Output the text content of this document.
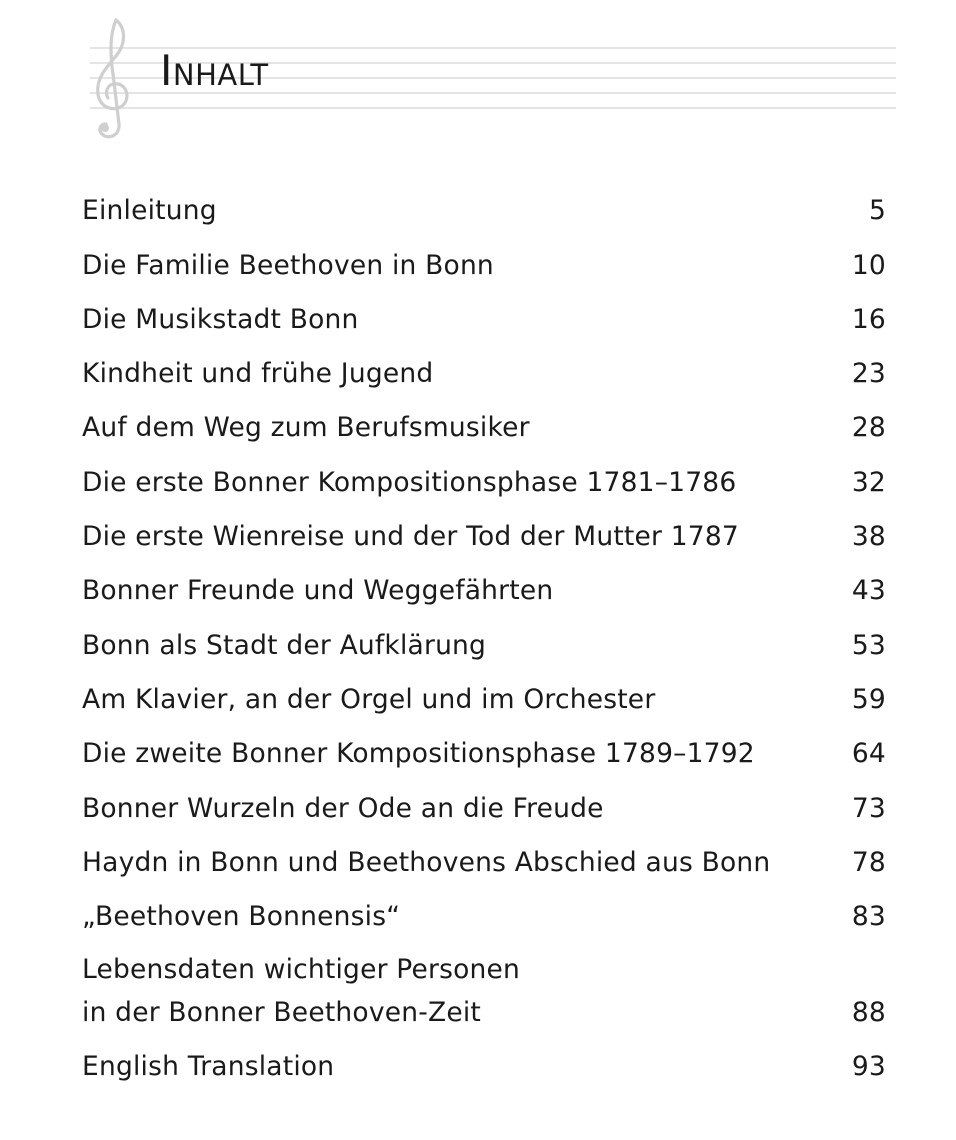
Inhalt
Einleitung	5
Die Familie Beethoven in Bonn	10
Die Musikstadt Bonn	16
Kindheit und frühe Jugend	23
Auf dem Weg zum Berufsmusiker	28
Die erste Bonner Kompositionsphase 1781–1786	32
Die erste Wienreise und der Tod der Mutter 1787	38
Bonner Freunde und Weggefährten	43
Bonn als Stadt der Aufklärung	53
Am Klavier, an der Orgel und im Orchester	59
Die zweite Bonner Kompositionsphase 1789–1792	64
Bonner Wurzeln der Ode an die Freude	73
Haydn in Bonn und Beethovens Abschied aus Bonn	78
„Beethoven Bonnensis“	83
Lebensdaten wichtiger Personen
in der Bonner Beethoven-Zeit	88
English Translation	93
